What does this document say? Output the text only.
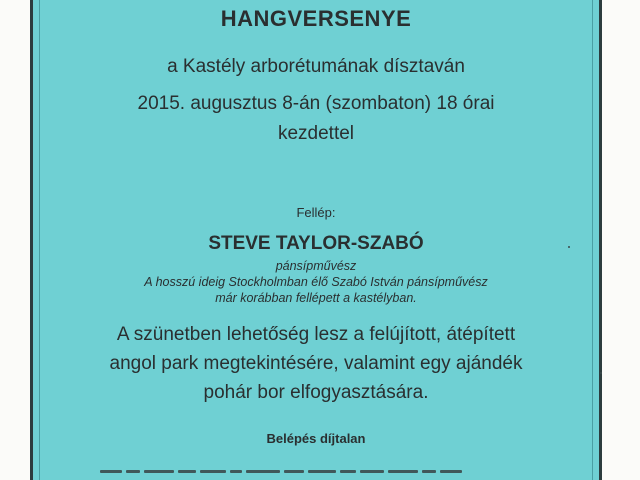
HANGVERSENYE
a Kastély arborétumának dísztaván
2015. augusztus 8-án (szombaton) 18 órai
kezdettel
Fellép:
STEVE TAYLOR-SZABÓ
pánsípművész
A hosszú ideig Stockholmban élő Szabó István pánsípművész
már korábban fellépett a kastélyban.
A szünetben lehetőség lesz a felújított, átépített
angol park megtekintésére, valamint egy ajándék
pohár bor elfogyasztására.
Belépés díjtalan
